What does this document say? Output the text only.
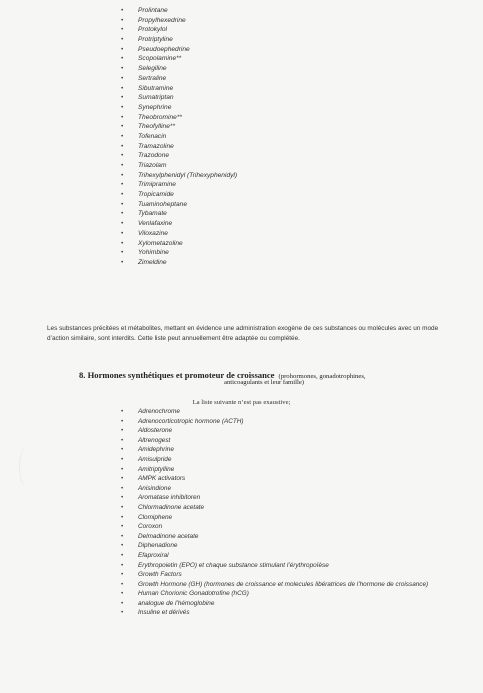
• Prolintane
• Propylhexedrine
• Protokylol
• Protriptyline
• Pseudoephedrine
• Scopolamine**
• Selegiline
• Sertraline
• Sibutramine
• Sumatriptan
• Synephrine
• Theobromine**
• Theofylline**
• Tofenacin
• Tramazoline
• Trazodone
• Triazolam
• Trihexylphenidyl (Trihexyphenidyl)
• Trimipramine
• Tropicamide
• Tuaminoheptane
• Tybamate
• Venlafaxine
• Viloxazine
• Xylometazoline
• Yohimbine
• Zimeldine

Les substances précitées et métabolites, mettant en évidence une administration exogène de ces substances ou molécules avec un mode d’action similaire, sont interdits. Cette liste peut annuellement être adaptée ou complétée.

8. Hormones synthétiques et promoteur de croissance (prohormones, gonadotrophines,
anticoagulants et leur famille)
La liste suivante n’est pas exaustive;
• Adrenochrome
• Adrenocorticotropic hormone (ACTH)
• Aldosterone
• Altrenogest
• Amidephrine
• Amisulpride
• Amitriptylline
• AMPK activators
• Anisindione
• Aromatase inhibitoren
• Chlormadinone acetate
• Clomiphene
• Coroxon
• Delmadinone acetate
• Diphenadione
• Efaproxiral
• Erythropoietin (EPO) et chaque substance stimulant l’érythropoïèse
• Growth Factors
• Growth Hormone (GH) (hormones de croissance et molecules libératrices de l’hormone de croissance)
• Human Chorionic Gonadotrofine (hCG)
• analogue de l’hémoglobine
• Insuline et dérivés
